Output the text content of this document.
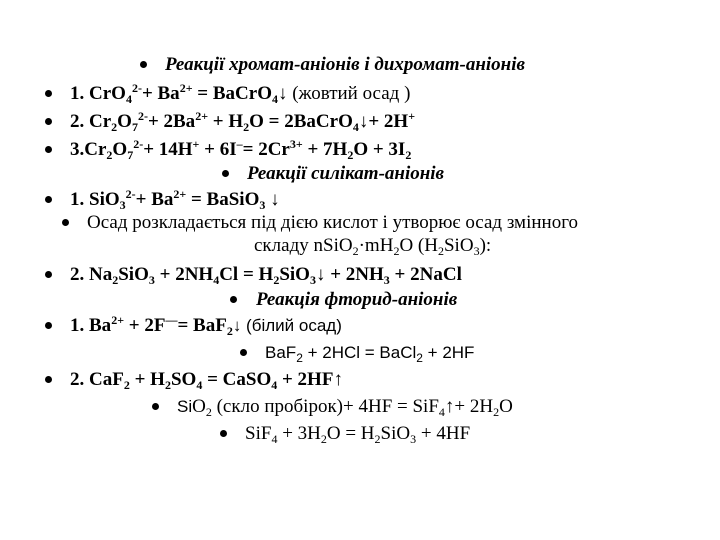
Реакції хромат-аніонів і дихромат-аніонів
1. $CrO_4^{2-}+ Ba^{2+}$ = BaCrO$_4$↓ (жовтий осад )
2. $Cr_2O_7^{2-}+ 2Ba^{2+} + H_2O$ = 2BaCrO$_4$↓+ 2H+
$3.Cr_2O_7^{2-}+ 14H^+ + 6I^-= 2Cr^{3+} + 7H_2O + 3I_2$
Реакції силікат-аніонів
1. $SiO_3^{2-}+ Ba^{2+}$ = BaSiO$_3$ ↓
Осад розкладається під дією кислот і утворює осад змінного
складу $nSiO_2\cdot mH_2O$ $(H_2SiO_3)$:
2. $Na_2SiO_3 + 2NH_4Cl$ = $H_2SiO_3↓ + 2NH_3$ + 2NaCl
Реакція фторид-аніонів
1. $Ba^{2+} + 2F^—=$ BaF$_2$↓ (білий осад)
BaF$_2$ + 2HCl = BaCl$_2$ + 2HF
2. $CaF_2 + H_2SO_4$ = CaSO$_4$ + 2HF↑
SiO$_2$ (скло пробірок)+ 4HF = SiF$_4$↑+ $2H_2O$
$SiF_4 + 3H_2O = H_2SiO_3 + 4HF$
